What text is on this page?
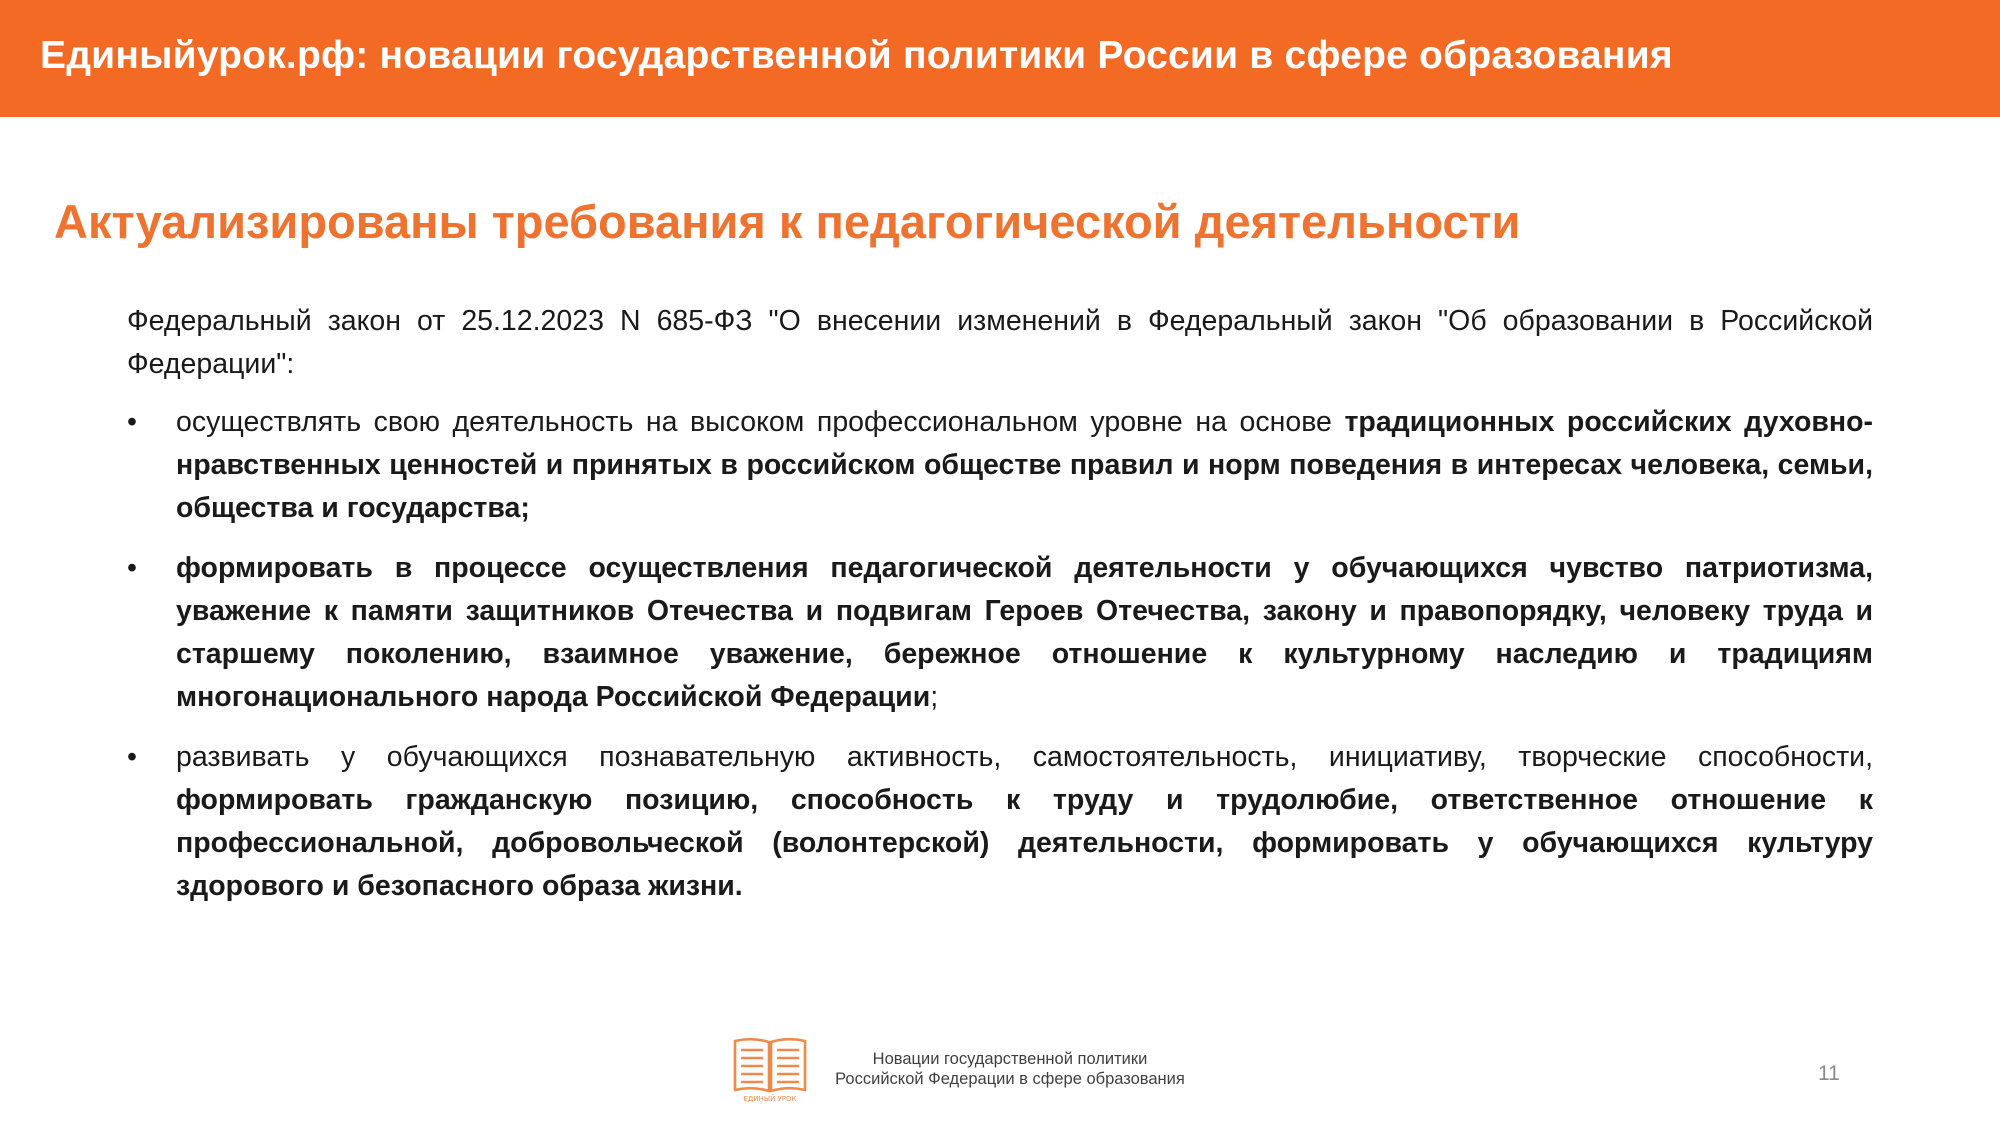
Единыйурок.рф: новации государственной политики России в сфере образования
Актуализированы требования к педагогической деятельности

Федеральный закон от 25.12.2023 N 685-ФЗ "О внесении изменений в Федеральный закон "Об образовании в Российской Федерации":

•	осуществлять свою деятельность на высоком профессиональном уровне на основе традиционных российских духовно-нравственных ценностей и принятых в российском обществе правил и норм поведения в интересах человека, семьи, общества и государства;
•	формировать в процессе осуществления педагогической деятельности у обучающихся чувство патриотизма, уважение к памяти защитников Отечества и подвигам Героев Отечества, закону и правопорядку, человеку труда и старшему поколению, взаимное уважение, бережное отношение к культурному наследию и традициям многонационального народа Российской Федерации;
•	развивать у обучающихся познавательную активность, самостоятельность, инициативу, творческие способности, формировать гражданскую позицию, способность к труду и трудолюбие, ответственное отношение к профессиональной, добровольческой (волонтерской) деятельности, формировать у обучающихся культуру здорового и безопасного образа жизни.
ЕДИНЫЙ УРОК
Новации государственной политики
Российской Федерации в сфере образования	11
